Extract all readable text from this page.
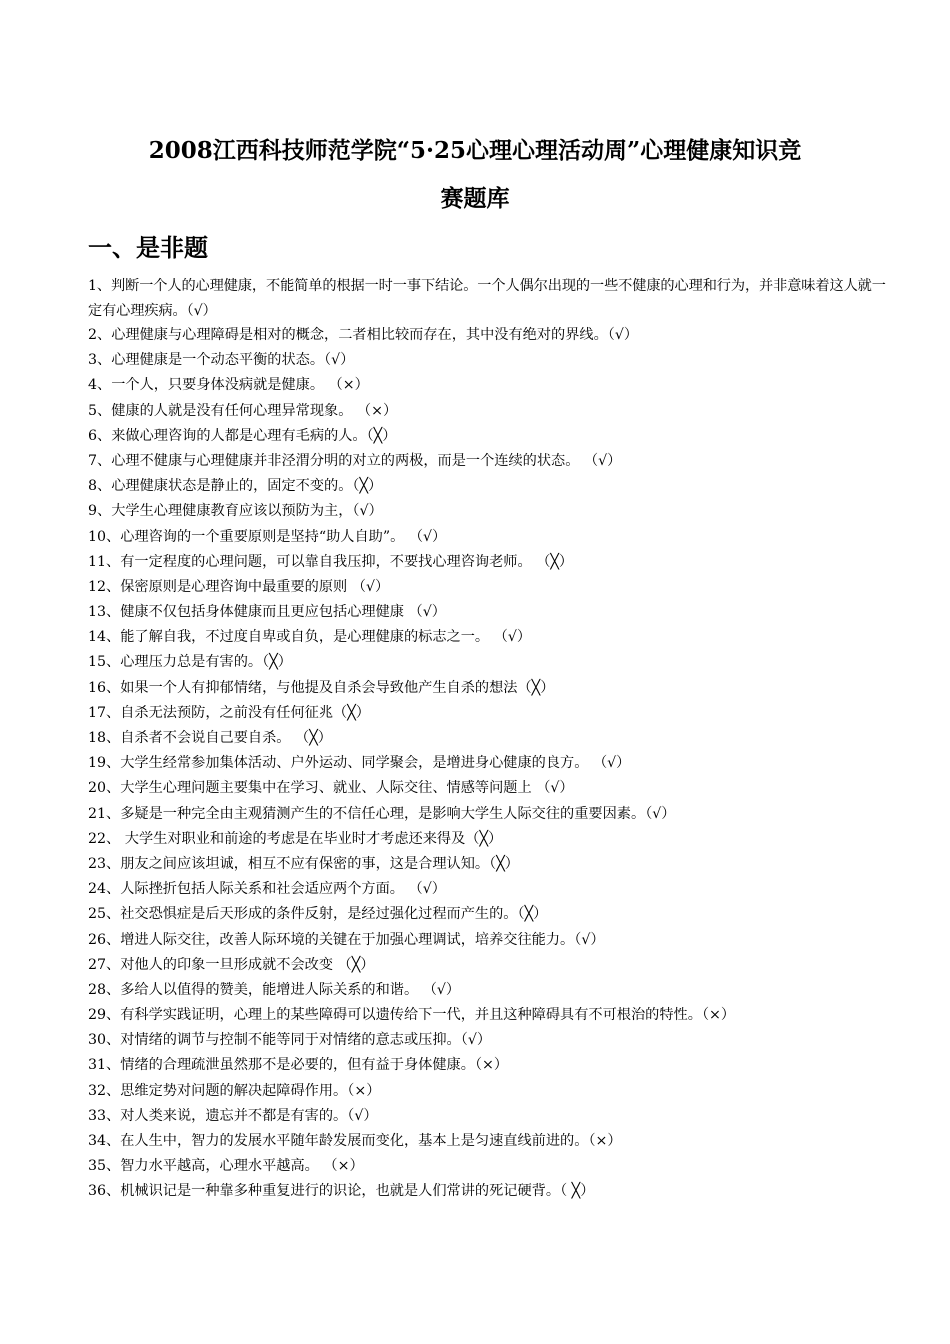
2008江西科技师范学院“5·25心理心理活动周”心理健康知识竞
赛题库
一、是非题
1、判断一个人的心理健康，不能简单的根据一时一事下结论。一个人偶尔出现的一些不健康的心理和行为，并非意味着这人就一定有心理疾病。（√）
2、心理健康与心理障碍是相对的概念，二者相比较而存在，其中没有绝对的界线。（√）
3、心理健康是一个动态平衡的状态。（√）
4、一个人，只要身体没病就是健康。 （×）
5、健康的人就是没有任何心理异常现象。 （×）
6、来做心理咨询的人都是心理有毛病的人。（╳）
7、心理不健康与心理健康并非泾渭分明的对立的两极，而是一个连续的状态。 （√）
8、心理健康状态是静止的，固定不变的。（╳）
9、大学生心理健康教育应该以预防为主，（√）
10、心理咨询的一个重要原则是坚持“助人自助”。 （√）
11、有一定程度的心理问题，可以靠自我压抑，不要找心理咨询老师。 （╳）
12、保密原则是心理咨询中最重要的原则 （√）
13、健康不仅包括身体健康而且更应包括心理健康 （√）
14、能了解自我，不过度自卑或自负，是心理健康的标志之一。 （√）
15、心理压力总是有害的。（╳）
16、如果一个人有抑郁情绪，与他提及自杀会导致他产生自杀的想法（╳）
17、自杀无法预防，之前没有任何征兆（╳）
18、自杀者不会说自己要自杀。 （╳）
19、大学生经常参加集体活动、户外运动、同学聚会，是增进身心健康的良方。 （√）
20、大学生心理问题主要集中在学习、就业、人际交往、情感等问题上 （√）
21、多疑是一种完全由主观猜测产生的不信任心理，是影响大学生人际交往的重要因素。（√）
22、 大学生对职业和前途的考虑是在毕业时才考虑还来得及（╳）
23、朋友之间应该坦诚，相互不应有保密的事，这是合理认知。（╳）
24、人际挫折包括人际关系和社会适应两个方面。 （√）
25、社交恐惧症是后天形成的条件反射，是经过强化过程而产生的。（╳）
26、增进人际交往，改善人际环境的关键在于加强心理调试，培养交往能力。（√）
27、对他人的印象一旦形成就不会改变 （╳）
28、多给人以值得的赞美，能增进人际关系的和谐。 （√）
29、有科学实践证明，心理上的某些障碍可以遗传给下一代，并且这种障碍具有不可根治的特性。（×）
30、对情绪的调节与控制不能等同于对情绪的意志或压抑。（√）
31、情绪的合理疏泄虽然那不是必要的，但有益于身体健康。（×）
32、思维定势对问题的解决起障碍作用。（×）
33、对人类来说，遗忘并不都是有害的。（√）
34、在人生中，智力的发展水平随年龄发展而变化，基本上是匀速直线前进的。（×）
35、智力水平越高，心理水平越高。 （×）
36、机械识记是一种靠多种重复进行的识论，也就是人们常讲的死记硬背。（ ╳）
